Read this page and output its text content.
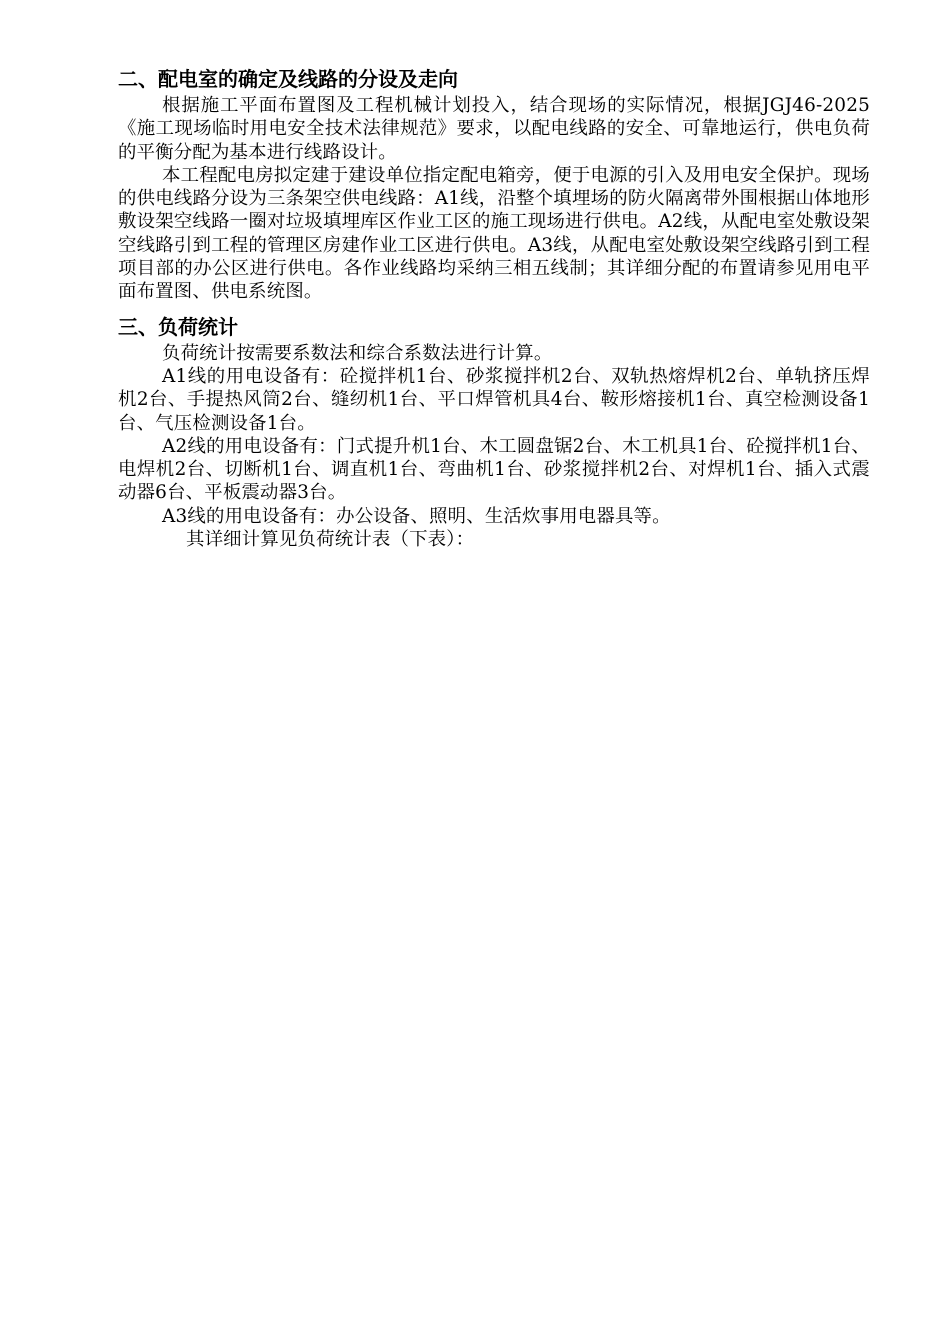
二、配电室的确定及线路的分设及走向

根据施工平面布置图及工程机械计划投入，结合现场的实际情况，根据JGJ46-2025《施工现场临时用电安全技术法律规范》要求，以配电线路的安全、可靠地运行，供电负荷的平衡分配为基本进行线路设计。

本工程配电房拟定建于建设单位指定配电箱旁，便于电源的引入及用电安全保护。现场的供电线路分设为三条架空供电线路：A1线，沿整个填埋场的防火隔离带外围根据山体地形敷设架空线路一圈对垃圾填埋库区作业工区的施工现场进行供电。A2线，从配电室处敷设架空线路引到工程的管理区房建作业工区进行供电。A3线，从配电室处敷设架空线路引到工程项目部的办公区进行供电。各作业线路均采纳三相五线制；其详细分配的布置请参见用电平面布置图、供电系统图。

三、负荷统计

负荷统计按需要系数法和综合系数法进行计算。

A1线的用电设备有：砼搅拌机1台、砂浆搅拌机2台、双轨热熔焊机2台、单轨挤压焊机2台、手提热风筒2台、缝纫机1台、平口焊管机具4台、鞍形熔接机1台、真空检测设备1台、气压检测设备1台。

A2线的用电设备有：门式提升机1台、木工圆盘锯2台、木工机具1台、砼搅拌机1台、电焊机2台、切断机1台、调直机1台、弯曲机1台、砂浆搅拌机2台、对焊机1台、插入式震动器6台、平板震动器3台。

A3线的用电设备有：办公设备、照明、生活炊事用电器具等。

其详细计算见负荷统计表（下表）：
